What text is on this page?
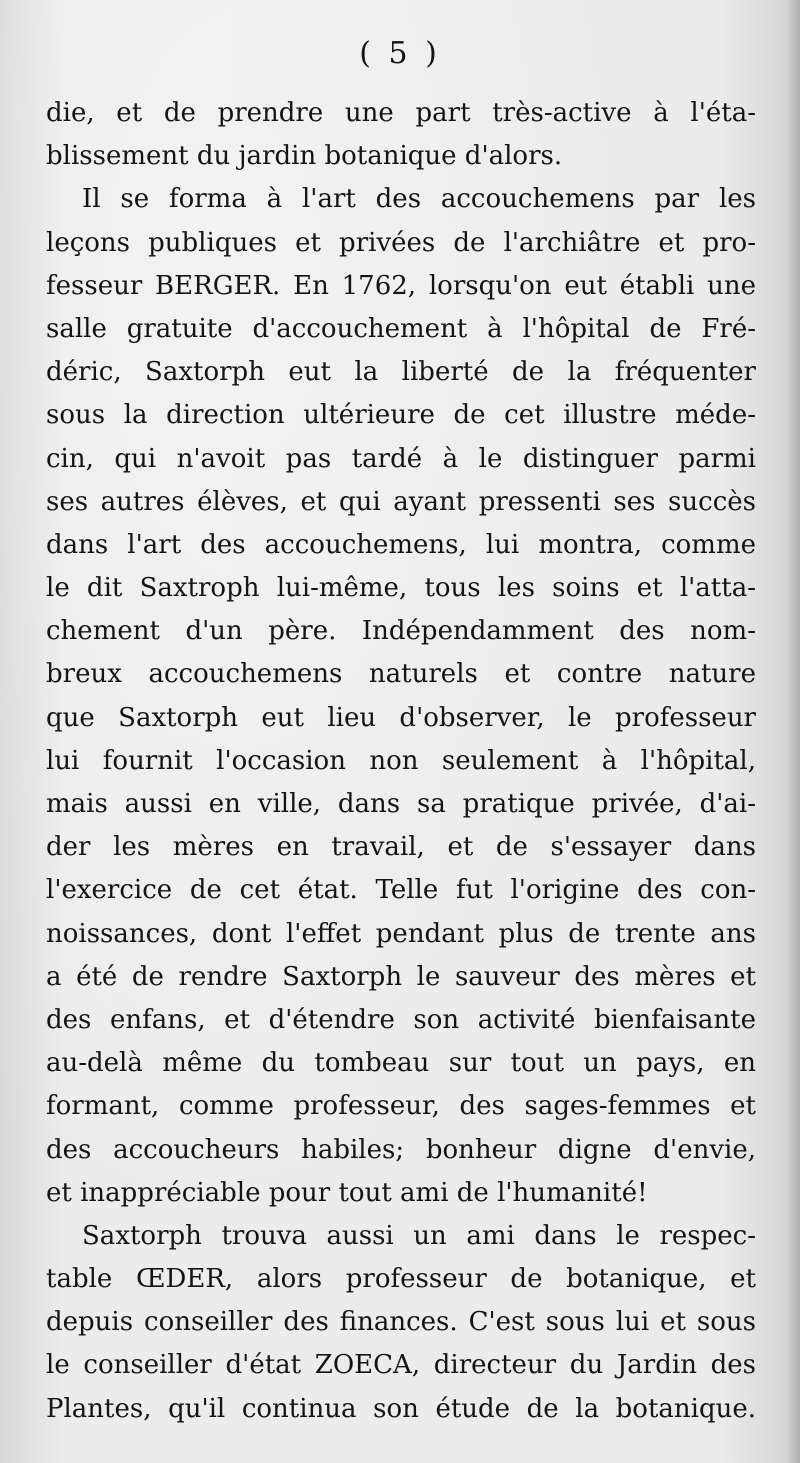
( 5 )
die, et de prendre une part très-active à l'éta-
blissement du jardin botanique d'alors.
Il se forma à l'art des accouchemens par les
leçons publiques et privées de l'archiâtre et pro-
fesseur BERGER. En 1762, lorsqu'on eut établi une
salle gratuite d'accouchement à l'hôpital de Fré-
déric, Saxtorph eut la liberté de la fréquenter
sous la direction ultérieure de cet illustre méde-
cin, qui n'avoit pas tardé à le distinguer parmi
ses autres élèves, et qui ayant pressenti ses succès
dans l'art des accouchemens, lui montra, comme
le dit Saxtroph lui-même, tous les soins et l'atta-
chement d'un père. Indépendamment des nom-
breux accouchemens naturels et contre nature
que Saxtorph eut lieu d'observer, le professeur
lui fournit l'occasion non seulement à l'hôpital,
mais aussi en ville, dans sa pratique privée, d'ai-
der les mères en travail, et de s'essayer dans
l'exercice de cet état. Telle fut l'origine des con-
noissances, dont l'effet pendant plus de trente ans
a été de rendre Saxtorph le sauveur des mères et
des enfans, et d'étendre son activité bienfaisante
au-delà même du tombeau sur tout un pays, en
formant, comme professeur, des sages-femmes et
des accoucheurs habiles; bonheur digne d'envie,
et inappréciable pour tout ami de l'humanité!
Saxtorph trouva aussi un ami dans le respec-
table ŒDER, alors professeur de botanique, et
depuis conseiller des finances. C'est sous lui et sous
le conseiller d'état ZOECA, directeur du Jardin des
Plantes, qu'il continua son étude de la botanique.
